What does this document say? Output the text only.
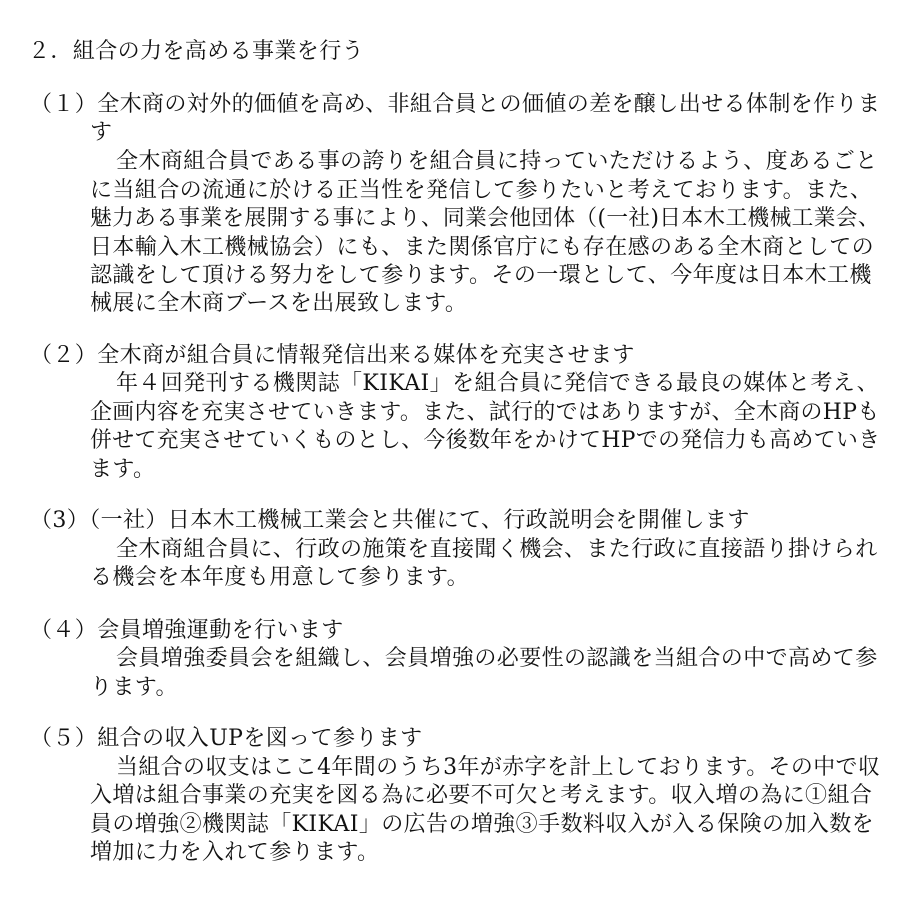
２．組合の力を高める事業を行う
（１）全木商の対外的価値を高め、非組合員との価値の差を醸し出せる体制を作りま
す
全木商組合員である事の誇りを組合員に持っていただけるよう、度あるごと
に当組合の流通に於ける正当性を発信して参りたいと考えております。また、
魅力ある事業を展開する事により、同業会他団体（(一社)日本木工機械工業会、
日本輸入木工機械協会）にも、また関係官庁にも存在感のある全木商としての
認識をして頂ける努力をして参ります。その一環として、今年度は日本木工機
械展に全木商ブースを出展致します。
（２）全木商が組合員に情報発信出来る媒体を充実させます
年４回発刊する機関誌「KIKAI」を組合員に発信できる最良の媒体と考え、
企画内容を充実させていきます。また、試行的ではありますが、全木商のHPも
併せて充実させていくものとし、今後数年をかけてHPでの発信力も高めていき
ます。
（3）（一社）日本木工機械工業会と共催にて、行政説明会を開催します
全木商組合員に、行政の施策を直接聞く機会、また行政に直接語り掛けられ
る機会を本年度も用意して参ります。
（４）会員増強運動を行います
会員増強委員会を組織し、会員増強の必要性の認識を当組合の中で高めて参
ります。
（５）組合の収入UPを図って参ります
当組合の収支はここ4年間のうち3年が赤字を計上しております。その中で収
入増は組合事業の充実を図る為に必要不可欠と考えます。収入増の為に①組合
員の増強②機関誌「KIKAI」の広告の増強③手数料収入が入る保険の加入数を
増加に力を入れて参ります。
